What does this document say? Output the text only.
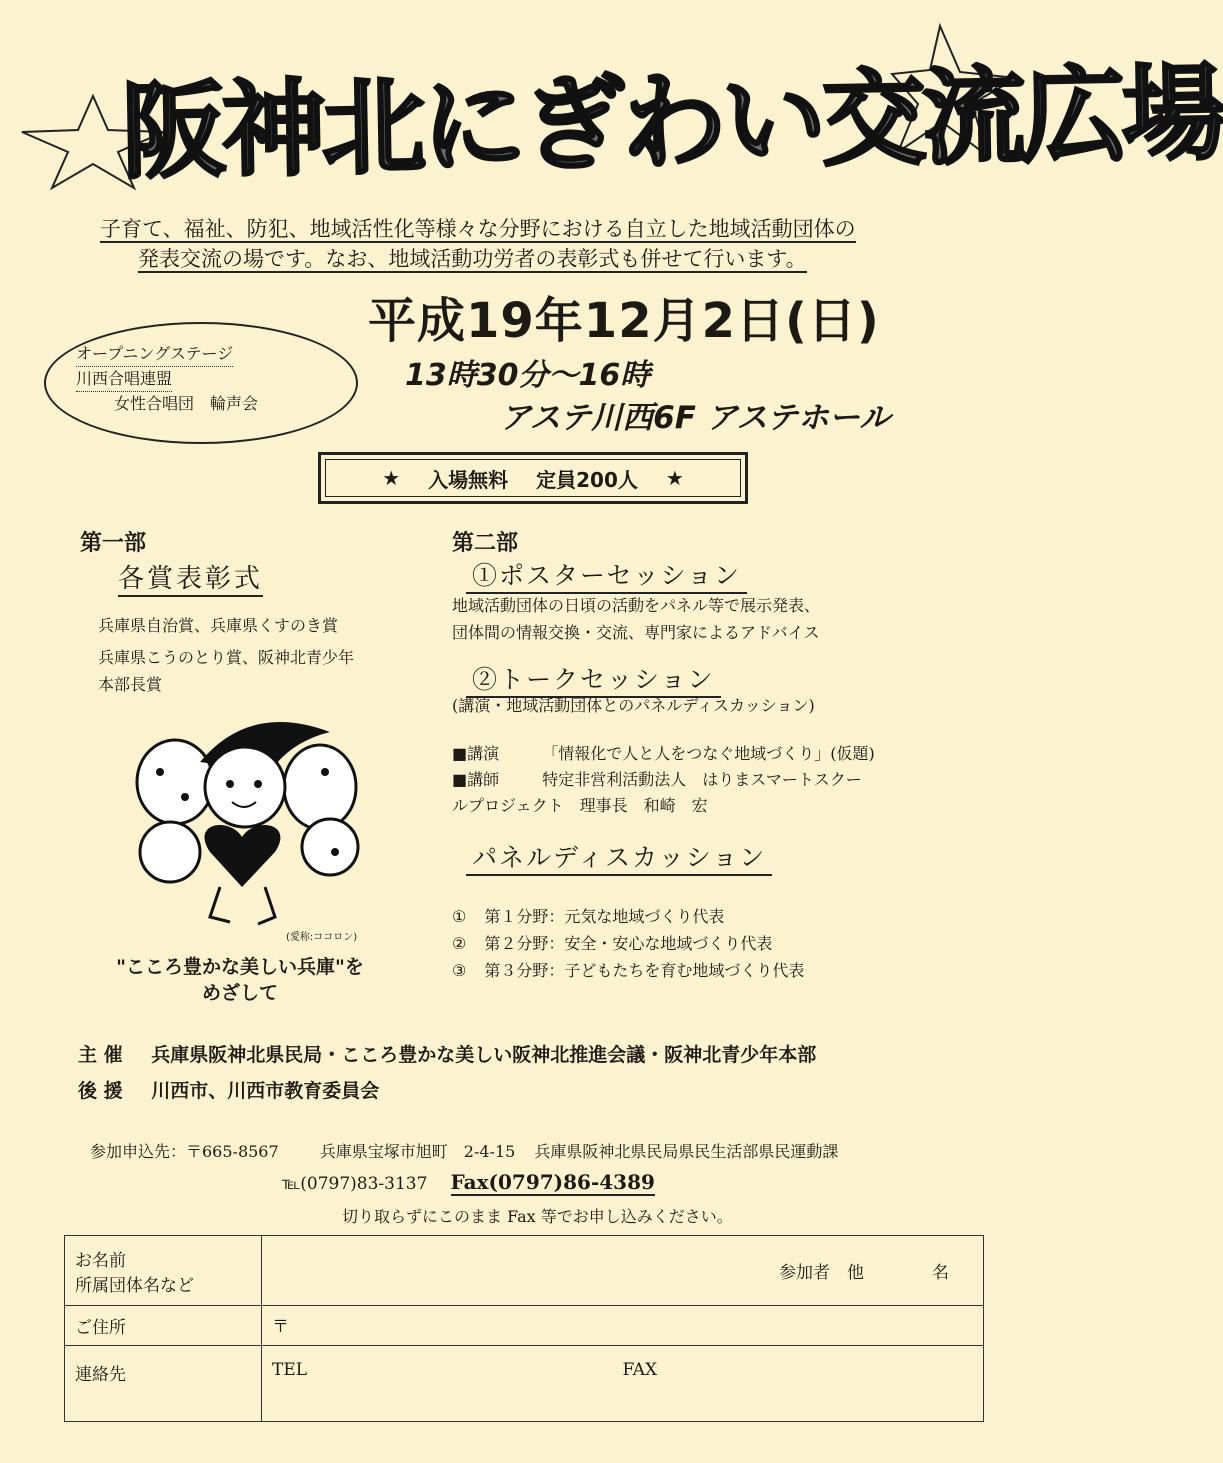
阪神北にぎわい交流広場
子育て、福祉、防犯、地域活性化等様々な分野における自立した地域活動団体の
発表交流の場です。なお、地域活動功労者の表彰式も併せて行います。
オープニングステージ
川西合唱連盟

女性合唱団　輪声会
平成19年12月2日(日)
13時30分～16時
アステ川西6F アステホール
★ 入場無料 定員200人 ★
第一部
各賞表彰式
兵庫県自治賞、兵庫県くすのき賞
兵庫県こうのとり賞、阪神北青少年
本部長賞
(愛称:ココロン)
"こころ豊かな美しい兵庫"を
めざして
第二部
①ポスターセッション
地域活動団体の日頃の活動をパネル等で展示発表、
団体間の情報交換・交流、専門家によるアドバイス
②トークセッション
(講演・地域活動団体とのパネルディスカッション)
■講演	「情報化で人と人をつなぐ地域づくり」(仮題)
■講師	特定非営利活動法人　はりまスマートスクー
ルプロジェクト　理事長　和崎　宏
パネルディスカッション
① 第１分野：元気な地域づくり代表
② 第２分野：安全・安心な地域づくり代表
③ 第３分野：子どもたちを育む地域づくり代表
主 催 兵庫県阪神北県民局・こころ豊かな美しい阪神北推進会議・阪神北青少年本部
後 援 川西市、川西市教育委員会
参加申込先：〒665-8567	兵庫県宝塚市旭町　2-4-15 兵庫県阪神北県民局県民生活部県民運動課
℡(0797)83-3137 Fax(0797)86-4389
切り取らずにこのまま Fax 等でお申し込みください。
お名前
所属団体名など	参加者　他　　　　名
ご住所	〒
連絡先	TEL FAX
